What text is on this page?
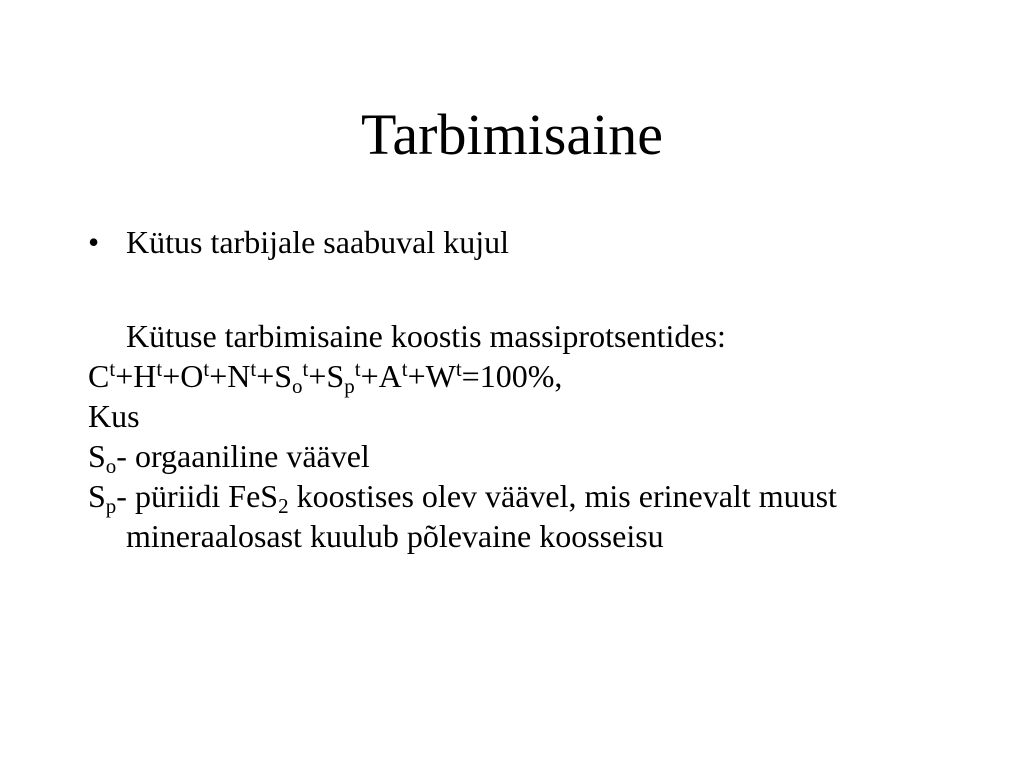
Tarbimisaine
• Kütus tarbijale saabuval kujul
Kütuse tarbimisaine koostis massiprotsentides:
$C^t+H^t+O^t+N^t+S_o^t+S_p^t+A^t+W^t=100\%$,
Kus
$S_o-$ orgaaniline väävel
$S_p-$ püriidi FeS$_2$ koostises olev väävel, mis erinevalt muust mineraalosast kuulub põlevaine koosseisu
